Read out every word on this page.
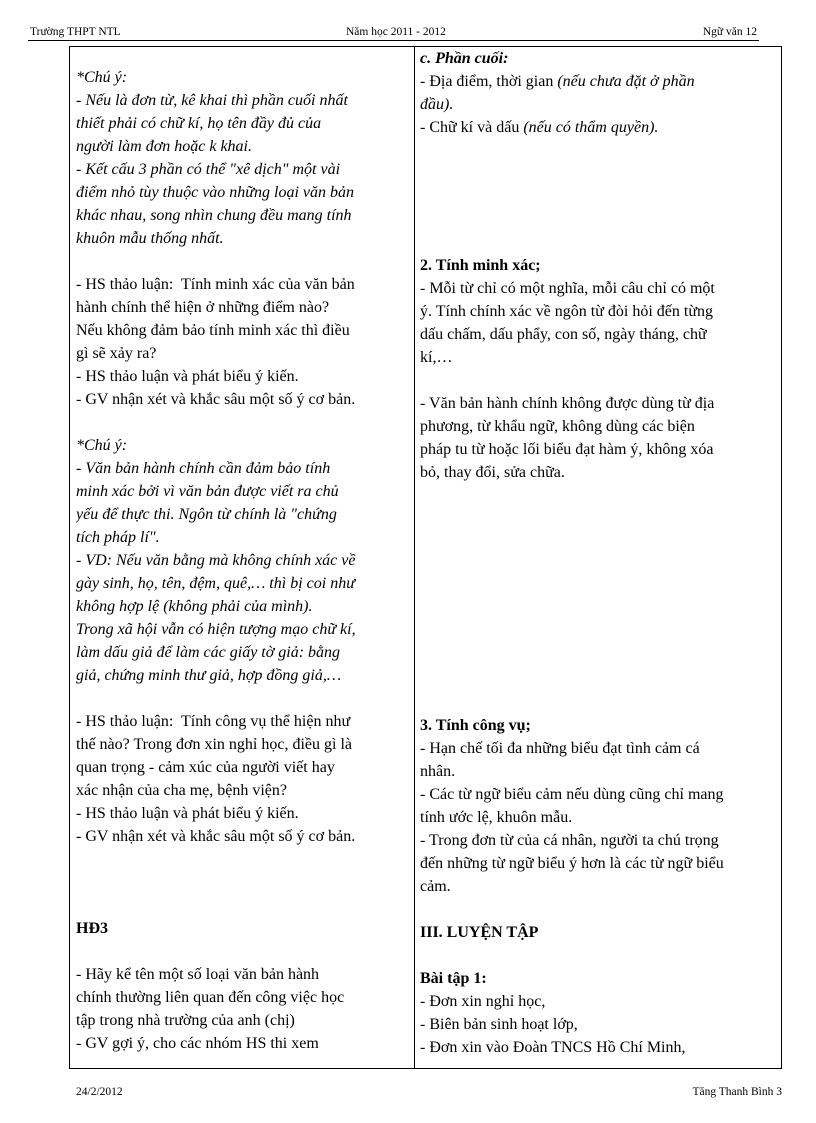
Trường THPT NTL	Năm học 2011 - 2012	Ngữ văn 12
*Chú ý:
- Nếu là đơn từ, kê khai thì phần cuối nhất
thiết phải có chữ kí, họ tên đầy đủ của
người làm đơn hoặc k khai.
- Kết cấu 3 phần có thể "xê dịch" một vài
điểm nhỏ tùy thuộc vào những loại văn bản
khác nhau, song nhìn chung đều mang tính
khuôn mẫu thống nhất.
- HS thảo luận:  Tính minh xác của văn bản
hành chính thể hiện ở những điểm nào?
Nếu không đảm bảo tính minh xác thì điều
gì sẽ xảy ra?
- HS thảo luận và phát biểu ý kiến.
- GV nhận xét và khắc sâu một số ý cơ bản.
*Chú ý:
- Văn bản hành chính cần đảm bảo tính
minh xác bởi vì văn bản được viết ra chủ
yếu để thực thi. Ngôn từ chính là "chứng
tích pháp lí".
- VD: Nếu văn bằng mà không chính xác về
gày sinh, họ, tên, đệm, quê,… thì bị coi như
không hợp lệ (không phải của mình).
Trong xã hội vẫn có hiện tượng mạo chữ kí,
làm dấu giả để làm các giấy tờ giả: bằng
giả, chứng minh thư giả, hợp đồng giả,…
- HS thảo luận:  Tính công vụ thể hiện như
thế nào? Trong đơn xin nghỉ học, điều gì là
quan trọng - cảm xúc của người viết hay
xác nhận của cha mẹ, bệnh viện?
- HS thảo luận và phát biểu ý kiến.
- GV nhận xét và khắc sâu một số ý cơ bản.
HĐ3
- Hãy kể tên một số loại văn bản hành
chính thường liên quan đến công việc học
tập trong nhà trường của anh (chị)
- GV gợi ý, cho các nhóm HS thi xem
c. Phần cuối:
- Địa điểm, thời gian (nếu chưa đặt ở phần
đầu).
- Chữ kí và dấu (nếu có thẩm quyền).
2. Tính minh xác;
- Mỗi từ chỉ có một nghĩa, mỗi câu chỉ có một
ý. Tính chính xác về ngôn từ đòi hỏi đến từng
dấu chấm, dấu phẩy, con số, ngày tháng, chữ
kí,…
- Văn bản hành chính không được dùng từ địa
phương, từ khẩu ngữ, không dùng các biện
pháp tu từ hoặc lối biểu đạt hàm ý, không xóa
bỏ, thay đổi, sửa chữa.
3. Tính công vụ;
- Hạn chế tối đa những biểu đạt tình cảm cá
nhân.
- Các từ ngữ biểu cảm nếu dùng cũng chỉ mang
tính ước lệ, khuôn mẫu.
- Trong đơn từ của cá nhân, người ta chú trọng
đến những từ ngữ biểu ý hơn là các từ ngữ biểu
cảm.
III. LUYỆN TẬP
Bài tập 1:
- Đơn xin nghỉ học,
- Biên bản sinh hoạt lớp,
- Đơn xin vào Đoàn TNCS Hồ Chí Minh,
24/2/2012	Tăng Thanh Bình 3
